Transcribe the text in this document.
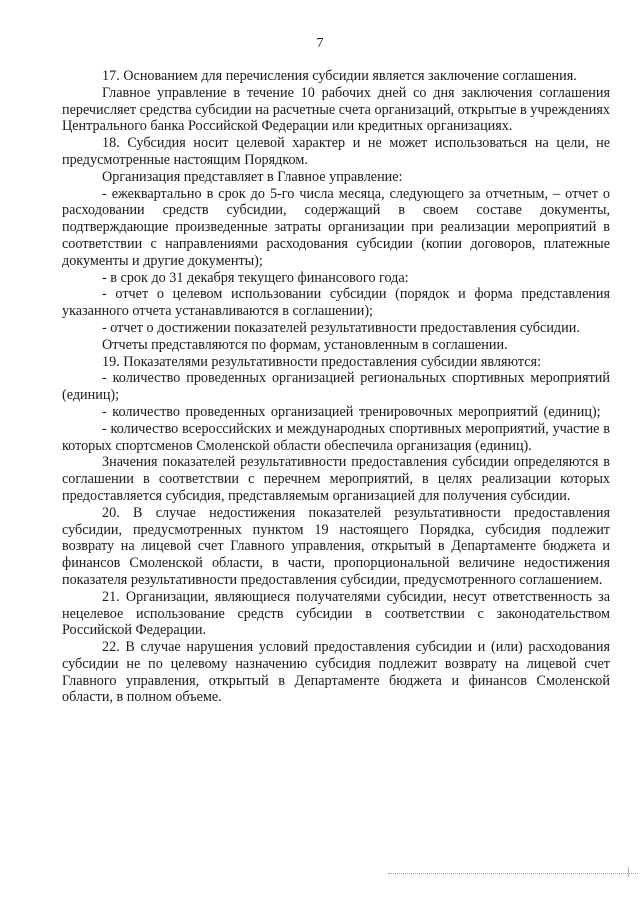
7

17. Основанием для перечисления субсидии является заключение соглашения.

Главное управление в течение 10 рабочих дней со дня заключения соглашения перечисляет средства субсидии на расчетные счета организаций, открытые в учреждениях Центрального банка Российской Федерации или кредитных организациях.

18. Субсидия носит целевой характер и не может использоваться на цели, не предусмотренные настоящим Порядком.

Организация представляет в Главное управление:

- ежеквартально в срок до 5-го числа месяца, следующего за отчетным, – отчет о расходовании средств субсидии, содержащий в своем составе документы, подтверждающие произведенные затраты организации при реализации мероприятий в соответствии с направлениями расходования субсидии (копии договоров, платежные документы и другие документы);

- в срок до 31 декабря текущего финансового года:

- отчет о целевом использовании субсидии (порядок и форма представления указанного отчета устанавливаются в соглашении);

- отчет о достижении показателей результативности предоставления субсидии.

Отчеты представляются по формам, установленным в соглашении.

19. Показателями результативности предоставления субсидии являются:

- количество проведенных организацией региональных спортивных мероприятий (единиц);

- количество проведенных организацией тренировочных мероприятий (единиц);

- количество всероссийских и международных спортивных мероприятий, участие в которых спортсменов Смоленской области обеспечила организация (единиц).

Значения показателей результативности предоставления субсидии определяются в соглашении в соответствии с перечнем мероприятий, в целях реализации которых предоставляется субсидия, представляемым организацией для получения субсидии.

20. В случае недостижения показателей результативности предоставления субсидии, предусмотренных пунктом 19 настоящего Порядка, субсидия подлежит возврату на лицевой счет Главного управления, открытый в Департаменте бюджета и финансов Смоленской области, в части, пропорциональной величине недостижения показателя результативности предоставления субсидии, предусмотренного соглашением.

21. Организации, являющиеся получателями субсидии, несут ответственность за нецелевое использование средств субсидии в соответствии с законодательством Российской Федерации.

22. В случае нарушения условий предоставления субсидии и (или) расходования субсидии не по целевому назначению субсидия подлежит возврату на лицевой счет Главного управления, открытый в Департаменте бюджета и финансов Смоленской области, в полном объеме.
